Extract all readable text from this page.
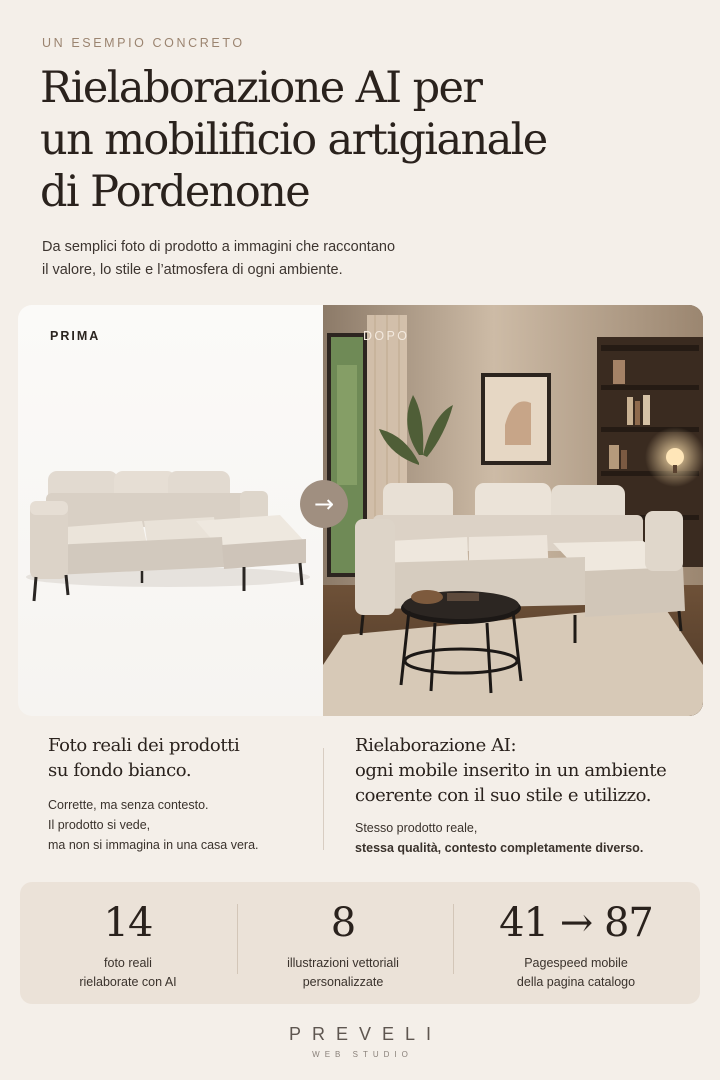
UN ESEMPIO CONCRETO
Rielaborazione AI per
un mobilificio artigianale
di Pordenone

Da semplici foto di prodotto a immagini che raccontano
il valore, lo stile e l’atmosfera di ogni ambiente.

PRIMA	DOPO
→
Foto reali dei prodotti
su fondo bianco.
Corrette, ma senza contesto.
Il prodotto si vede,
ma non si immagina in una casa vera.
Rielaborazione AI:
ogni mobile inserito in un ambiente
coerente con il suo stile e utilizzo.
Stesso prodotto reale,
stessa qualità, contesto completamente diverso.
14
foto reali
rielaborate con AI
8
illustrazioni vettoriali
personalizzate
41 → 87
Pagespeed mobile
della pagina catalogo
PREVELI
WEB STUDIO
